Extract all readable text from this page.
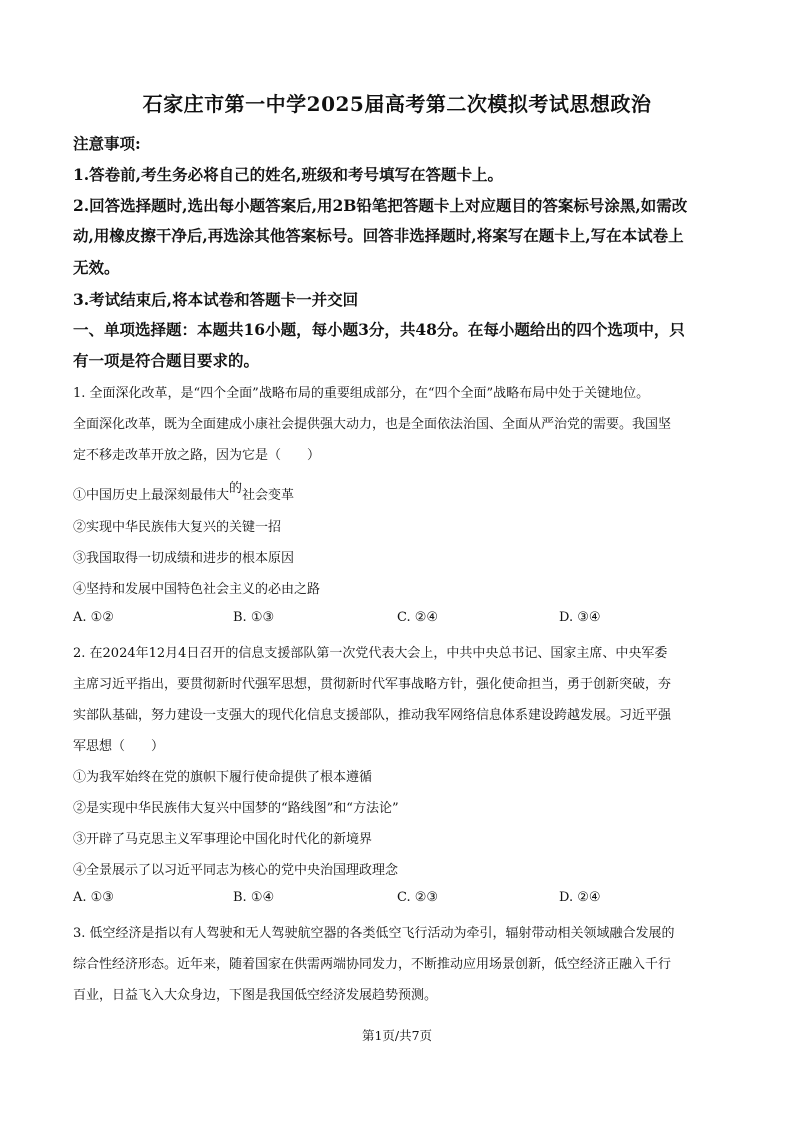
石家庄市第一中学2025届高考第二次模拟考试思想政治
注意事项:
1.答卷前,考生务必将自己的姓名,班级和考号填写在答题卡上。
2.回答选择题时,选出每小题答案后,用2B铅笔把答题卡上对应题目的答案标号涂黑,如需改
动,用橡皮擦干净后,再选涂其他答案标号。回答非选择题时,将案写在题卡上,写在本试卷上
无效。
3.考试结束后,将本试卷和答题卡一并交回
一、单项选择题：本题共16小题，每小题3分，共48分。在每小题给出的四个选项中，只
有一项是符合题目要求的。
1. 全面深化改革，是“四个全面”战略布局的重要组成部分，在“四个全面”战略布局中处于关键地位。
全面深化改革，既为全面建成小康社会提供强大动力，也是全面依法治国、全面从严治党的需要。我国坚
定不移走改革开放之路，因为它是（　　）
①中国历史上最深刻最伟大的社会变革
②实现中华民族伟大复兴的关键一招
③我国取得一切成绩和进步的根本原因
④坚持和发展中国特色社会主义的必由之路
A. ①②	B. ①③	C. ②④	D. ③④
2. 在2024年12月4日召开的信息支援部队第一次党代表大会上，中共中央总书记、国家主席、中央军委
主席习近平指出，要贯彻新时代强军思想，贯彻新时代军事战略方针，强化使命担当，勇于创新突破，夯
实部队基础，努力建设一支强大的现代化信息支援部队，推动我军网络信息体系建设跨越发展。习近平强
军思想（　　）
①为我军始终在党的旗帜下履行使命提供了根本遵循
②是实现中华民族伟大复兴中国梦的“路线图”和“方法论”
③开辟了马克思主义军事理论中国化时代化的新境界
④全景展示了以习近平同志为核心的党中央治国理政理念
A. ①③	B. ①④	C. ②③	D. ②④
3. 低空经济是指以有人驾驶和无人驾驶航空器的各类低空飞行活动为牵引，辐射带动相关领域融合发展的
综合性经济形态。近年来，随着国家在供需两端协同发力，不断推动应用场景创新，低空经济正融入千行
百业，日益飞入大众身边，下图是我国低空经济发展趋势预测。
第1页/共7页
